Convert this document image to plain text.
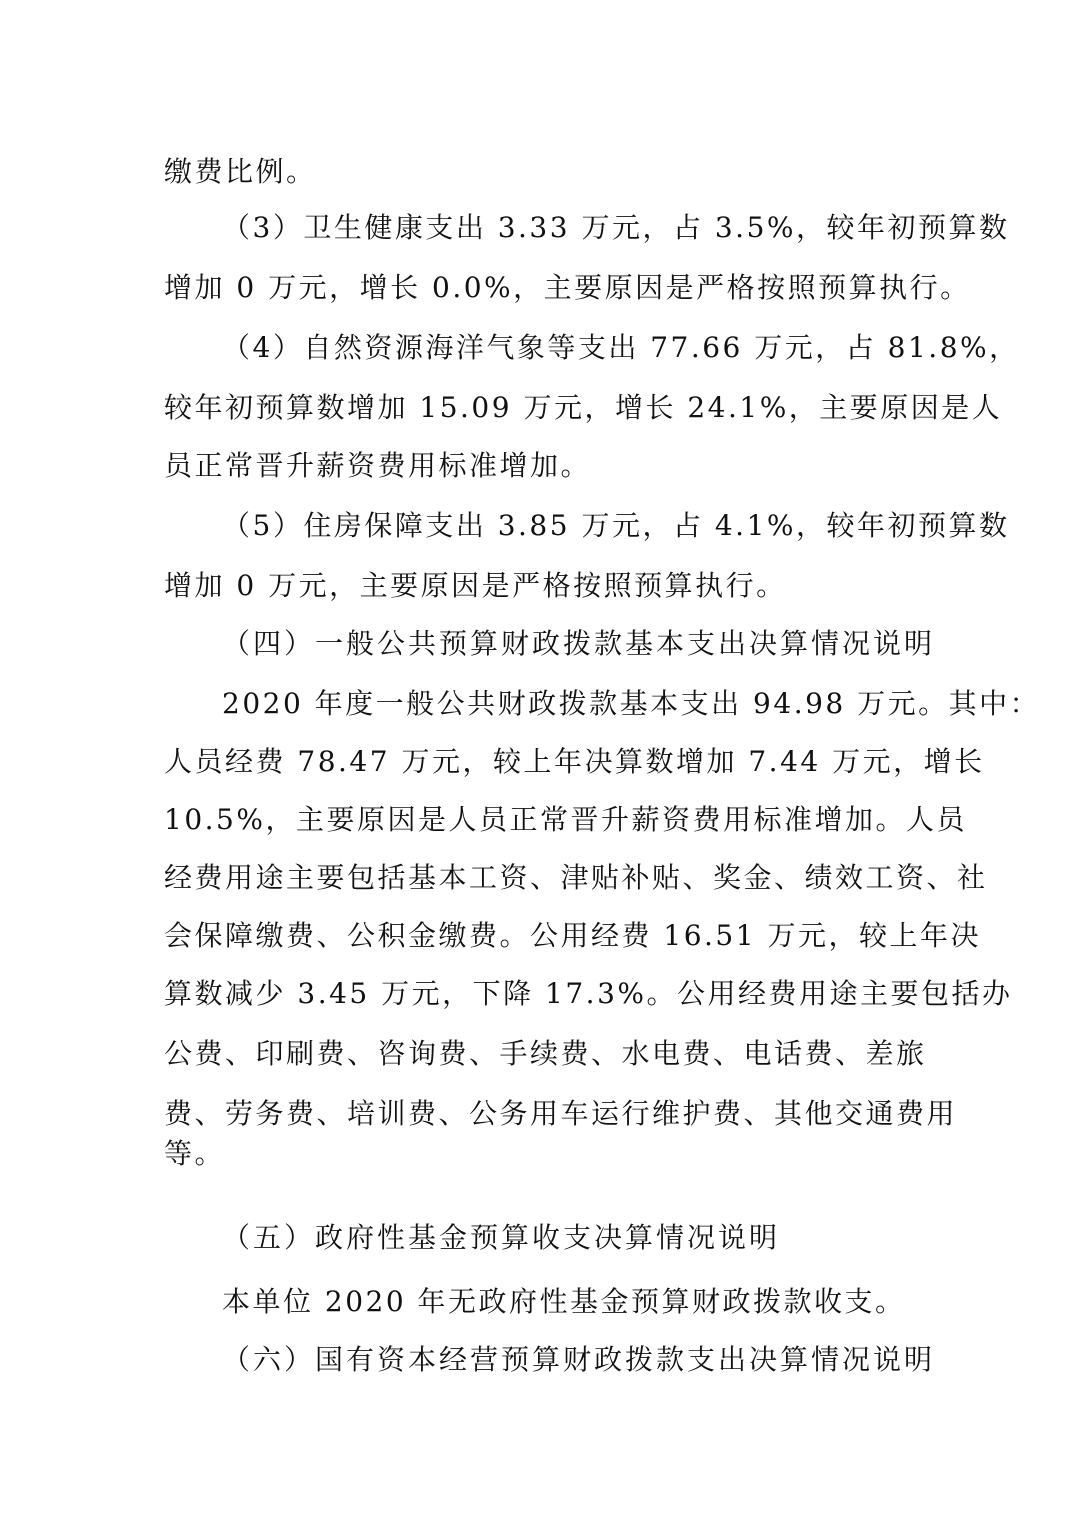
缴费比例。
（3）卫生健康支出 3.33 万元，占 3.5%，较年初预算数
增加 0 万元，增长 0.0%，主要原因是严格按照预算执行。
（4）自然资源海洋气象等支出 77.66 万元，占 81.8%，
较年初预算数增加 15.09 万元，增长 24.1%，主要原因是人
员正常晋升薪资费用标准增加。
（5）住房保障支出 3.85 万元，占 4.1%，较年初预算数
增加 0 万元，主要原因是严格按照预算执行。
（四）一般公共预算财政拨款基本支出决算情况说明
2020 年度一般公共财政拨款基本支出 94.98 万元。其中：
人员经费 78.47 万元，较上年决算数增加 7.44 万元，增长
10.5%，主要原因是人员正常晋升薪资费用标准增加。人员
经费用途主要包括基本工资、津贴补贴、奖金、绩效工资、社
会保障缴费、公积金缴费。公用经费 16.51 万元，较上年决
算数减少 3.45 万元，下降 17.3%。公用经费用途主要包括办
公费、印刷费、咨询费、手续费、水电费、电话费、差旅
费、劳务费、培训费、公务用车运行维护费、其他交通费用
等。
（五）政府性基金预算收支决算情况说明
本单位 2020 年无政府性基金预算财政拨款收支。
（六）国有资本经营预算财政拨款支出决算情况说明
